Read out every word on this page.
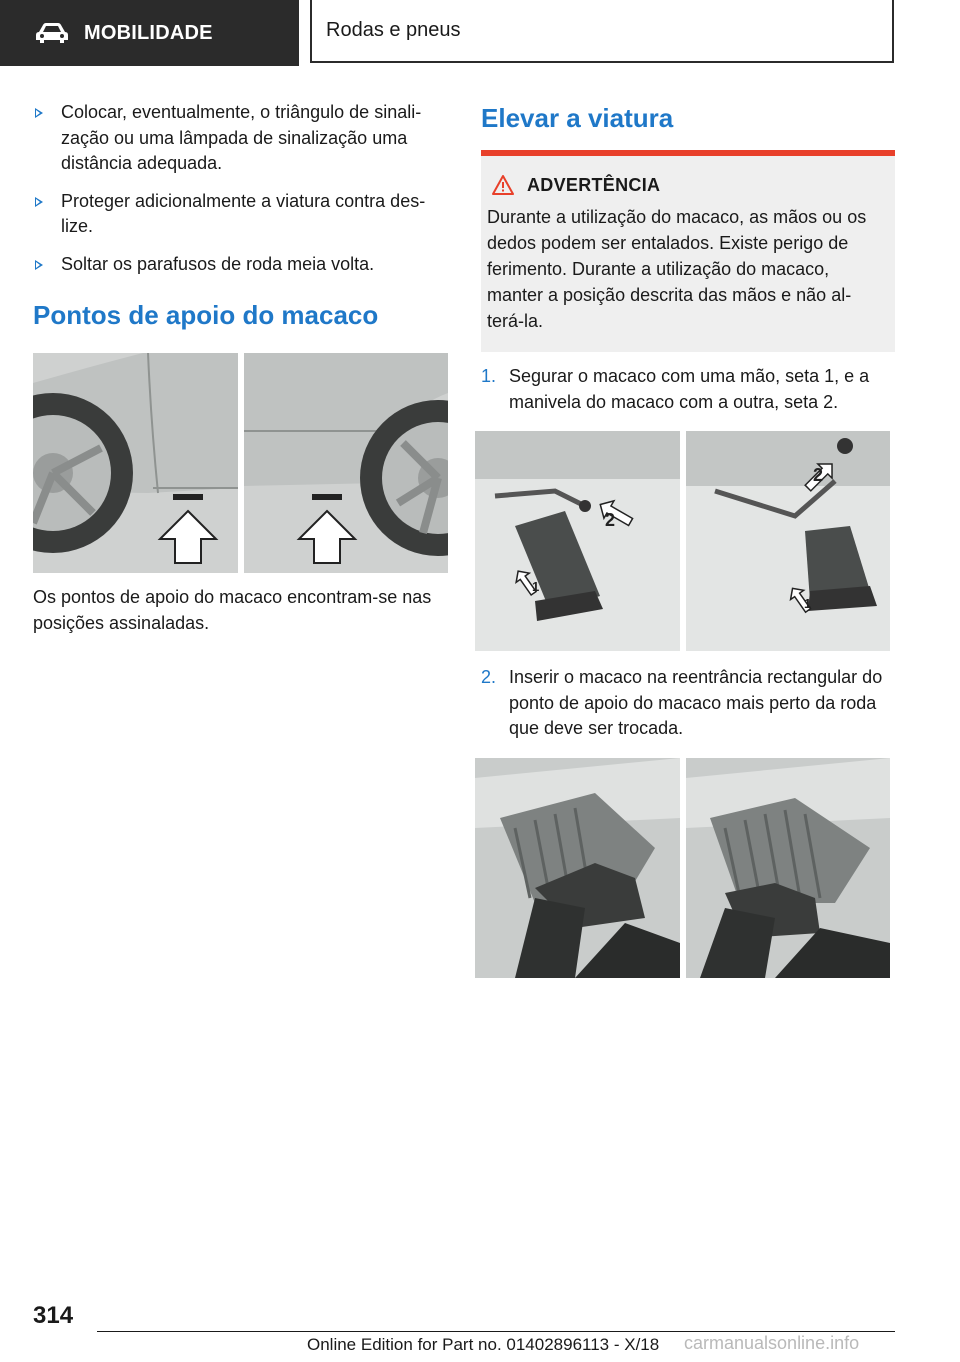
MOBILIDADE	Rodas e pneus
Colocar, eventualmente, o triângulo de sinali-zação ou uma lâmpada de sinalização uma distância adequada.
Proteger adicionalmente a viatura contra des-lize.
Soltar os parafusos de roda meia volta.
Pontos de apoio do macaco

Os pontos de apoio do macaco encontram-se nas posições assinaladas.

Elevar a viatura
ADVERTÊNCIA

Durante a utilização do macaco, as mãos ou os dedos podem ser entalados. Existe perigo de ferimento. Durante a utilização do macaco, manter a posição descrita das mãos e não al-terá-la.

1. Segurar o macaco com uma mão, seta 1, e a manivela do macaco com a outra, seta 2.
1
2
2
1
2. Inserir o macaco na reentrância rectangular do ponto de apoio do macaco mais perto da roda que deve ser trocada.
314
Online Edition for Part no. 01402896113 - X/18 carmanualsonline.info
